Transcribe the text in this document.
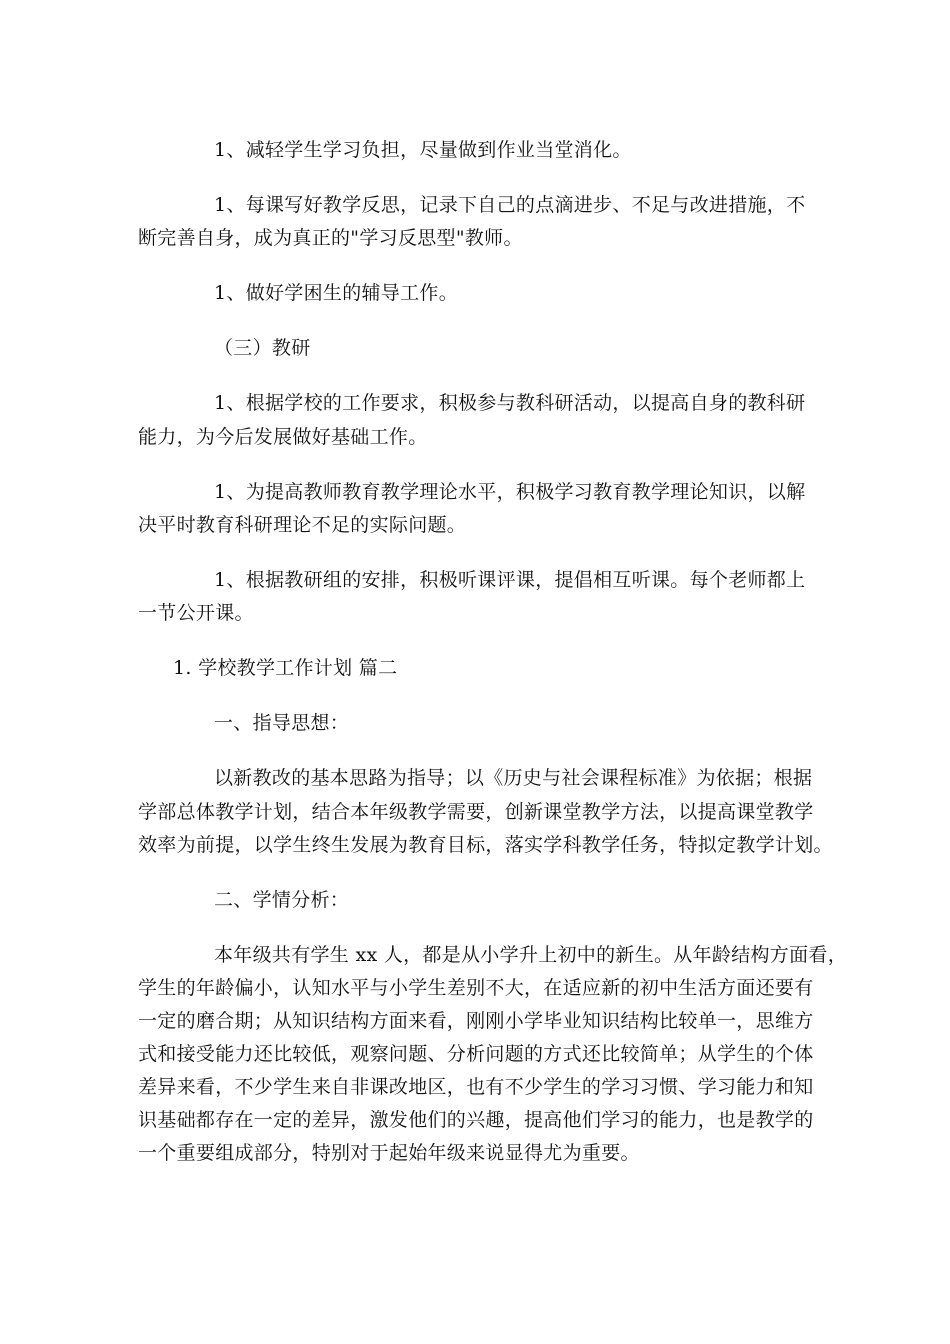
1、减轻学生学习负担，尽量做到作业当堂消化。
1、每课写好教学反思，记录下自己的点滴进步、不足与改进措施，不
断完善自身，成为真正的"学习反思型"教师。
1、做好学困生的辅导工作。
（三）教研
1、根据学校的工作要求，积极参与教科研活动，以提高自身的教科研
能力，为今后发展做好基础工作。
1、为提高教师教育教学理论水平，积极学习教育教学理论知识，以解
决平时教育科研理论不足的实际问题。
1、根据教研组的安排，积极听课评课，提倡相互听课。每个老师都上
一节公开课。
1. 学校教学工作计划 篇二
一、指导思想：
以新教改的基本思路为指导；以《历史与社会课程标准》为依据；根据
学部总体教学计划，结合本年级教学需要，创新课堂教学方法，以提高课堂教学
效率为前提，以学生终生发展为教育目标，落实学科教学任务，特拟定教学计划。
二、学情分析：
本年级共有学生 xx 人，都是从小学升上初中的新生。从年龄结构方面看，
学生的年龄偏小，认知水平与小学生差别不大，在适应新的初中生活方面还要有
一定的磨合期；从知识结构方面来看，刚刚小学毕业知识结构比较单一，思维方
式和接受能力还比较低，观察问题、分析问题的方式还比较简单；从学生的个体
差异来看，不少学生来自非课改地区，也有不少学生的学习习惯、学习能力和知
识基础都存在一定的差异，激发他们的兴趣，提高他们学习的能力，也是教学的
一个重要组成部分，特别对于起始年级来说显得尤为重要。
